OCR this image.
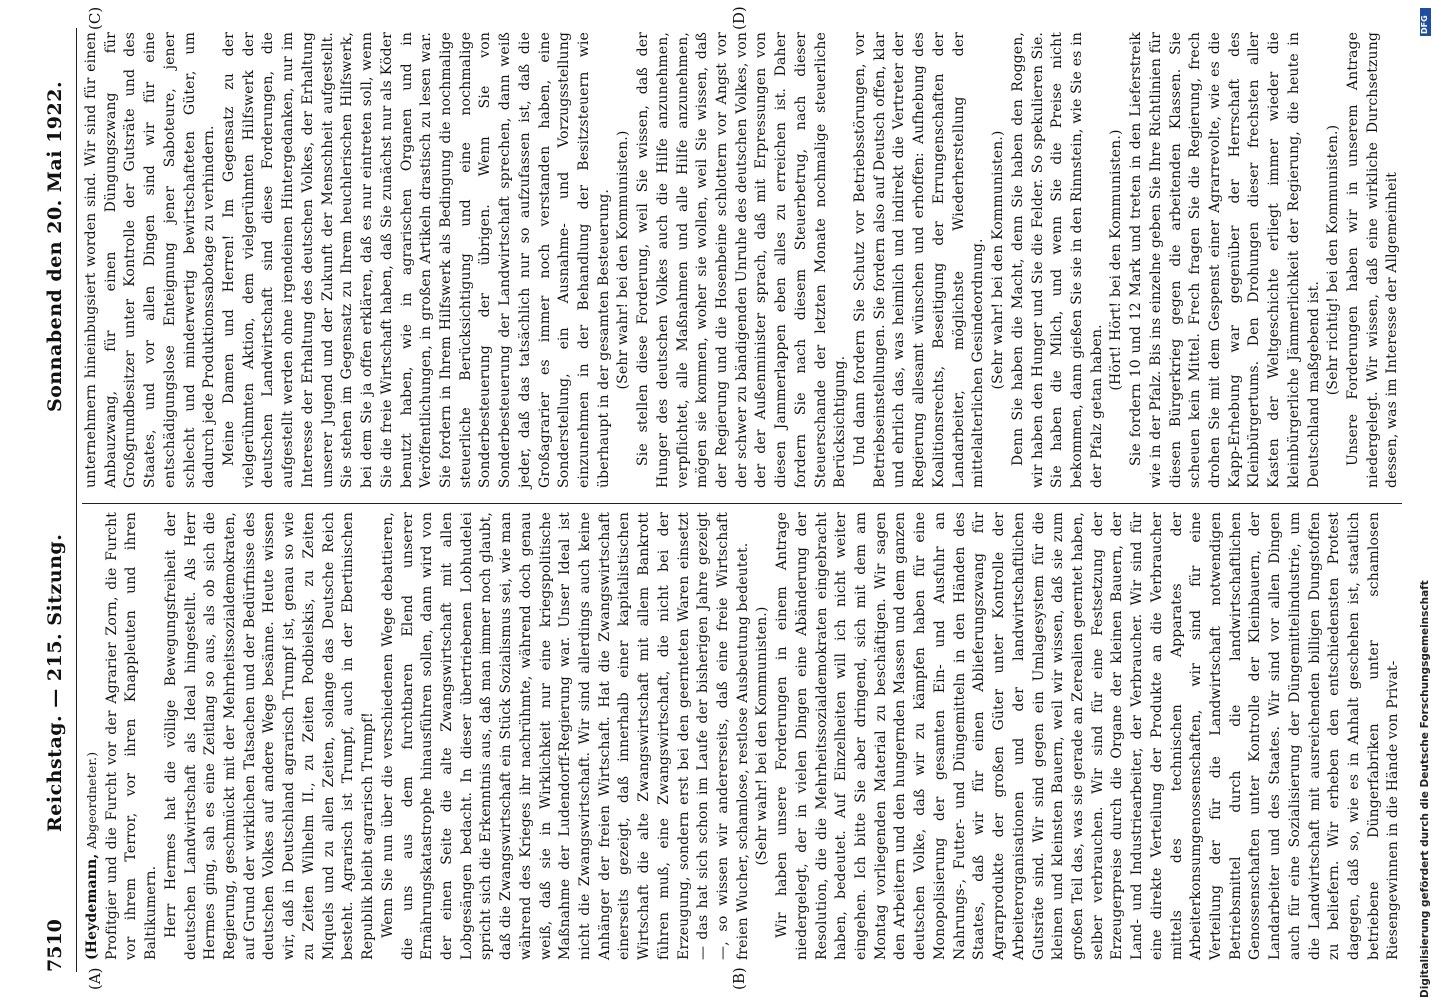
7510
Reichstag. — 215. Sitzung.
Sonnabend den 20. Mai 1922.
(A)	(B)
(C)	(D)

(Heydemann, Abgeordneter.) Profitgier und die Furcht vor der Agrarier Zorn, die Furcht vor ihrem Terror, vor ihren Knappleuten und ihren Baltikumern. Herr Hermes hat die völlige Bewegungsfreiheit der deutschen Landwirtschaft als Ideal hingestellt. Als Herr Hermes ging, sah es eine Zeitlang so aus, als ob sich die Regierung, geschmückt mit der Mehrheitssozialdemokraten, auf Grund der wirklichen Tatsachen und der Bedürfnisse des deutschen Volkes auf andere Wege besänne. Heute wissen wir, daß in Deutschland agrarisch Trumpf ist, genau so wie zu Zeiten Wilhelm II., zu Zeiten Podbielskis, zu Zeiten Miquels und zu allen Zeiten, solange das Deutsche Reich besteht. Agrarisch ist Trumpf, auch in der Ebertinischen Republik bleibt agrarisch Trumpf! Wenn Sie nun über die verschiedenen Wege debattieren, die uns aus dem furchtbaren Elend unserer Ernährungskatastrophe hinausführen sollen, dann wird von der einen Seite die alte Zwangswirtschaft mit allen Lobgesängen bedacht. In dieser übertriebenen Lobhudelei spricht sich die Erkenntnis aus, daß man immer noch glaubt, daß die Zwangswirtschaft ein Stück Sozialismus sei, wie man während des Krieges ihr nachrühmte, während doch genau weiß, daß sie in Wirklichkeit nur eine kriegspolitische Maßnahme der Ludendorff-Regierung war. Unser Ideal ist nicht die Zwangswirtschaft. Wir sind allerdings auch keine Anhänger der freien Wirtschaft. Hat die Zwangswirtschaft einerseits gezeigt, daß innerhalb einer kapitalistischen Wirtschaft die alte Zwangswirtschaft mit allem Bankrott führen muß, eine Zwangswirtschaft, die nicht bei der Erzeugung, sondern erst bei den geernteten Waren einsetzt — das hat sich schon im Laufe der bisherigen Jahre gezeigt —, so wissen wir andererseits, daß eine freie Wirtschaft freien Wucher, schamlose, restlose Ausbeutung bedeutet. (Sehr wahr! bei den Kommunisten.) Wir haben unsere Forderungen in einem Antrage niedergelegt, der in vielen Dingen eine Abänderung der Resolution, die die Mehrheitssozialdemokraten eingebracht haben, bedeutet. Auf Einzelheiten will ich nicht weiter eingehen. Ich bitte Sie aber dringend, sich mit dem am Montag vorliegenden Material zu beschäftigen. Wir sagen den Arbeitern und den hungernden Massen und dem ganzen deutschen Volke, daß wir zu kämpfen haben für eine Monopolisierung der gesamten Ein- und Ausfuhr an Nahrungs-, Futter- und Düngemitteln in den Händen des Staates, daß wir für einen Ablieferungszwang für Agrarprodukte der großen Güter unter Kontrolle der Arbeiterorganisationen und der landwirtschaftlichen Gutsräte sind. Wir sind gegen ein Umlagesystem für die kleinen und kleinsten Bauern, weil wir wissen, daß sie zum großen Teil das, was sie gerade an Zerealien geerntet haben, selber verbrauchen. Wir sind für eine Festsetzung der Erzeugerpreise durch die Organe der kleinen Bauern, der Land- und Industriearbeiter, der Verbraucher. Wir sind für eine direkte Verteilung der Produkte an die Verbraucher mittels des technischen Apparates der Arbeiterkonsumgenossenschaften, wir sind für eine Verteilung der für die Landwirtschaft notwendigen Betriebsmittel durch die landwirtschaftlichen Genossenschaften unter Kontrolle der Kleinbauern, der Landarbeiter und des Staates. Wir sind vor allen Dingen auch für eine Sozialisierung der Düngemittelindustrie, um die Landwirtschaft mit ausreichenden billigen Dungstoffen zu beliefern. Wir erheben den entschiedensten Protest dagegen, daß so, wie es in Anhalt geschehen ist, staatlich betriebene Düngerfabriken unter schamlosen Riesengewinnen in die Hände von Privat-

unternehmern hineinbugsiert worden sind. Wir sind für einen Anbauzwang, für einen Düngungszwang für Großgrundbesitzer unter Kontrolle der Gutsräte und des Staates, und vor allen Dingen sind wir für eine entschädigungslose Enteignung jener Saboteure, jener schlecht und minderwertig bewirtschafteten Güter, um dadurch jede Produktionssabotage zu verhindern. Meine Damen und Herren! Im Gegensatz zu der vielgerühmten Aktion, dem vielgerühmten Hilfswerk der deutschen Landwirtschaft sind diese Forderungen, die aufgestellt werden ohne irgendeinen Hintergedanken, nur im Interesse der Erhaltung des deutschen Volkes, der Erhaltung unserer Jugend und der Zukunft der Menschheit aufgestellt. Sie stehen im Gegensatz zu Ihrem heuchlerischen Hilfswerk, bei dem Sie ja offen erklären, daß es nur eintreten soll, wenn Sie die freie Wirtschaft haben, daß Sie zunächst nur als Köder benutzt haben, wie in agrarischen Organen und in Veröffentlichungen, in großen Artikeln drastisch zu lesen war. Sie fordern in Ihrem Hilfswerk als Bedingung die nochmalige steuerliche Berücksichtigung und eine nochmalige Sonderbesteuerung der übrigen. Wenn Sie von Sonderbesteuerung der Landwirtschaft sprechen, dann weiß jeder, daß das tatsächlich nur so aufzufassen ist, daß die Großagrarier es immer noch verstanden haben, eine Sonderstellung, ein Ausnahme- und Vorzugsstellung einzunehmen in der Behandlung der Besitzsteuern wie überhaupt in der gesamten Besteuerung. (Sehr wahr! bei den Kommunisten.) Sie stellen diese Forderung, weil Sie wissen, daß der Hunger des deutschen Volkes auch die Hilfe anzunehmen, verpflichtet, alle Maßnahmen und alle Hilfe anzunehmen, mögen sie kommen, woher sie wollen, weil Sie wissen, daß der Regierung und die Hosenbeine schlottern vor Angst vor der schwer zu bändigenden Unruhe des deutschen Volkes, von der der Außenminister sprach, daß mit Erpressungen von diesen Jammerlappen eben alles zu erreichen ist. Daher fordern Sie nach diesem Steuerbetrug, nach dieser Steuerschande der letzten Monate nochmalige steuerliche Berücksichtigung. Und dann fordern Sie Schutz vor Betriebsstörungen, vor Betriebseinstellungen. Sie fordern also auf Deutsch offen, klar und ehrlich das, was heimlich und indirekt die Vertreter der Regierung allesamt wünschen und erhoffen: Aufhebung des Koalitionsrechts, Beseitigung der Errungenschaften der Landarbeiter, möglichste Wiederherstellung der mittelalterlichen Gesindeordnung. (Sehr wahr! bei den Kommunisten.) Denn Sie haben die Macht, denn Sie haben den Roggen, wir haben den Hunger und Sie die Felder. So spekulieren Sie. Sie haben die Milch, und wenn Sie die Preise nicht bekommen, dann gießen Sie sie in den Rinnstein, wie Sie es in der Pfalz getan haben.

(Hört! Hört! bei den Kommunisten.) Sie fordern 10 und 12 Mark und treten in den Lieferstreik wie in der Pfalz. Bis ins einzelne geben Sie Ihre Richtlinien für diesen Bürgerkrieg gegen die arbeitenden Klassen. Sie scheuen kein Mittel. Frech fragen Sie die Regierung, frech drohen Sie mit dem Gespenst einer Agrarrevolte, wie es die Kapp-Erhebung war gegenüber der Herrschaft des Kleinbürgertums. Den Drohungen dieser frechsten aller Kasten der Weltgeschichte erliegt immer wieder die kleinbürgerliche Jämmerlichkeit der Regierung, die heute in Deutschland maßgebend ist. (Sehr richtig! bei den Kommunisten.) Unsere Forderungen haben wir in unserem Antrage niedergelegt. Wir wissen, daß eine wirkliche Durchsetzung dessen, was im Interesse der Allgemeinheit

DFG
Digitalisierung gefördert durch die Deutsche Forschungsgemeinschaft
